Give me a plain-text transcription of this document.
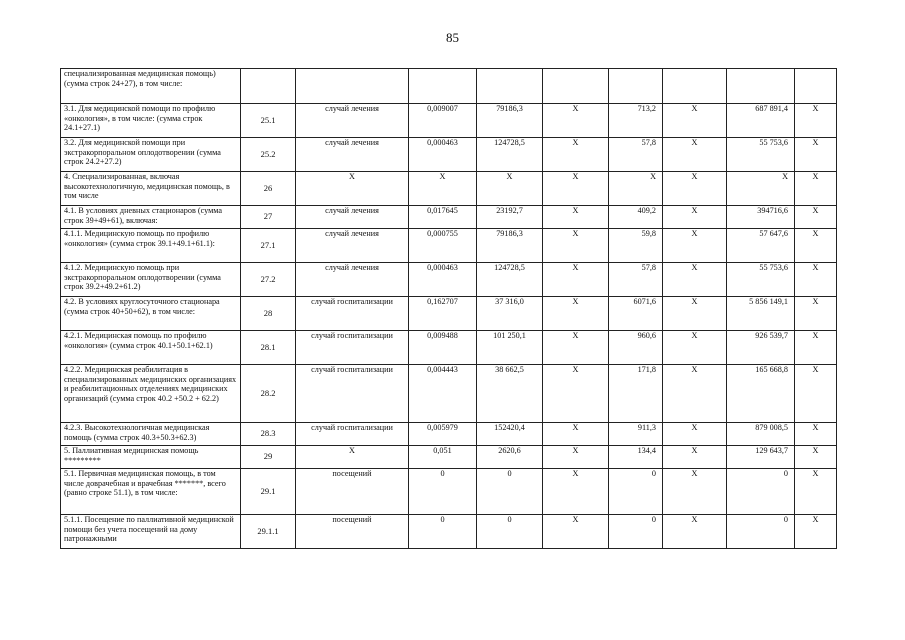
85
специализированная медицинская помощь) (сумма строк 24+27), в том числе:									
3.1. Для медицинской помощи по профилю «онкология», в том числе: (сумма строк 24.1+27.1)	25.1	случай лечения	0,009007	79186,3	Х	713,2	Х	687 891,4	Х
3.2. Для медицинской помощи при экстракорпоральном оплодотворении (сумма строк 24.2+27.2)	25.2	случай лечения	0,000463	124728,5	Х	57,8	Х	55 753,6	Х
4. Специализированная, включая высокотехнологичную, медицинская помощь, в том числе	26	Х	Х	Х	Х	Х	Х	Х	Х
4.1. В условиях дневных стационаров (сумма строк 39+49+61), включая:	27	случай лечения	0,017645	23192,7	Х	409,2	Х	394716,6	Х
4.1.1. Медицинскую помощь по профилю «онкология» (сумма строк 39.1+49.1+61.1):	27.1	случай лечения	0,000755	79186,3	Х	59,8	Х	57 647,6	Х
4.1.2. Медицинскую помощь при экстракорпоральном оплодотворении (сумма строк 39.2+49.2+61.2)	27.2	случай лечения	0,000463	124728,5	Х	57,8	Х	55 753,6	Х
4.2. В условиях круглосуточного стационара (сумма строк 40+50+62), в том числе:	28	случай госпитализации	0,162707	37 316,0	Х	6071,6	Х	5 856 149,1	Х
4.2.1. Медицинская помощь по профилю «онкология» (сумма строк 40.1+50.1+62.1)	28.1	случай госпитализации	0,009488	101 250,1	Х	960,6	Х	926 539,7	Х
4.2.2. Медицинская реабилитация в специализированных медицинских организациях и реабилитационных отделениях медицинских организаций (сумма строк 40.2 +50.2 + 62.2)	28.2	случай госпитализации	0,004443	38 662,5	Х	171,8	Х	165 668,8	Х
4.2.3. Высокотехнологичная медицинская помощь (сумма строк 40.3+50.3+62.3)	28.3	случай госпитализации	0,005979	152420,4	Х	911,3	Х	879 008,5	Х
5. Паллиативная медицинская помощь *********	29	Х	0,051	2620,6	Х	134,4	Х	129 643,7	Х
5.1. Первичная медицинская помощь, в том числе доврачебная и врачебная *******, всего (равно строке 51.1), в том числе:	29.1	посещений	0	0	Х	0	Х	0	Х
5.1.1. Посещение по паллиативной медицинской помощи без учета посещений на дому патронажными	29.1.1	посещений	0	0	Х	0	Х	0	Х
